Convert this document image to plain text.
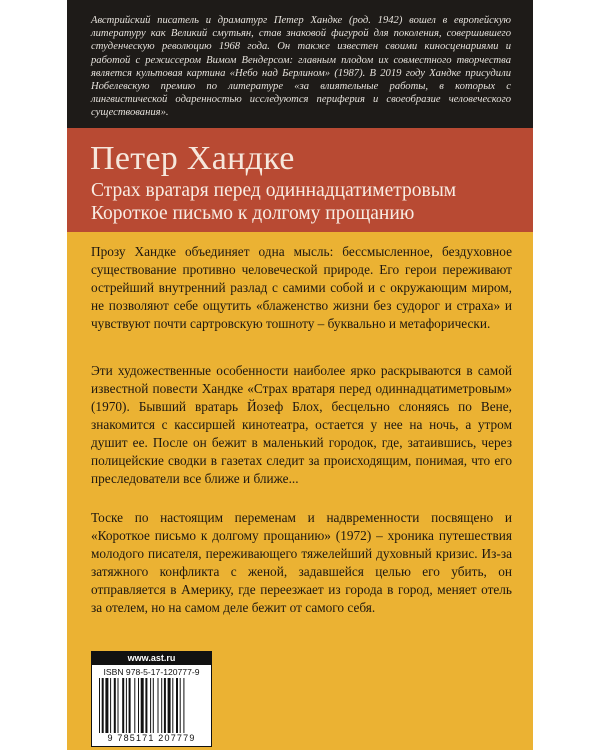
Австрийский писатель и драматург Петер Хандке (род. 1942) вошел в европейскую литературу как Великий смутьян, став знаковой фигурой для поколения, совершившего студенческую революцию 1968 года. Он также известен своими киносценариями и работой с режиссером Вимом Вендерсом: главным плодом их совместного творчества является культовая картина «Небо над Берлином» (1987). В 2019 году Хандке присудили Нобелевскую премию по литературе «за влиятельные работы, в которых с лингвистической одаренностью исследуются периферия и своеобразие человеческого существования».
Петер Хандке
Страх вратаря перед одиннадцатиметровым
Короткое письмо к долгому прощанию

Прозу Хандке объединяет одна мысль: бессмысленное, бездуховное существование противно человеческой природе. Его герои переживают острейший внутренний разлад с самими собой и с окружающим миром, не позволяют себе ощутить «блаженство жизни без судорог и страха» и чувствуют почти сартровскую тошноту – буквально и метафорически.

Эти художественные особенности наиболее ярко раскрываются в самой известной повести Хандке «Страх вратаря перед одиннадцатиметровым» (1970). Бывший вратарь Йозеф Блох, бесцельно слоняясь по Вене, знакомится с кассиршей кинотеатра, остается у нее на ночь, а утром душит ее. После он бежит в маленький городок, где, затаившись, через полицейские сводки в газетах следит за происходящим, понимая, что его преследователи все ближе и ближе...

Тоске по настоящим переменам и надвременности посвящено и «Короткое письмо к долгому прощанию» (1972) – хроника путешествия молодого писателя, переживающего тяжелейший духовный кризис. Из-за затяжного конфликта с женой, задавшейся целью его убить, он отправляется в Америку, где переезжает из города в город, меняет отель за отелем, но на самом деле бежит от самого себя.

www.ast.ru
ISBN 978-5-17-120777-9
9 785171 207779
